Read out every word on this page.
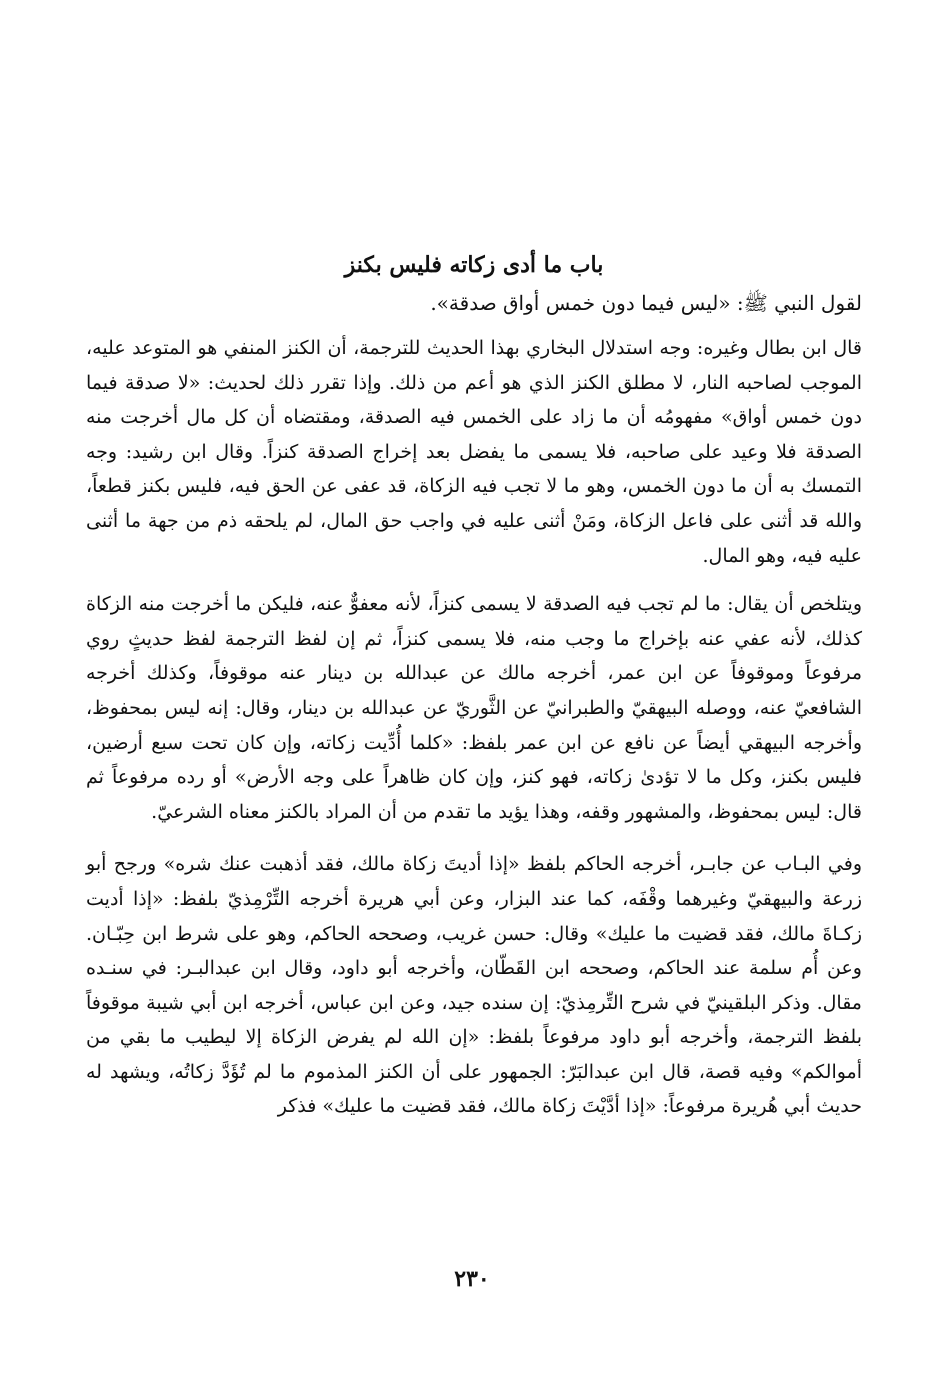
باب ما أدى زكاته فليس بكنز

لقول النبي ﷺ: «ليس فيما دون خمس أواق صدقة».

قال ابن بطال وغيره: وجه استدلال البخاري بهذا الحديث للترجمة، أن الكنز المنفي هو المتوعد عليه، الموجب لصاحبه النار، لا مطلق الكنز الذي هو أعم من ذلك. وإذا تقرر ذلك لحديث: «لا صدقة فيما دون خمس أواق» مفهومُه أن ما زاد على الخمس فيه الصدقة، ومقتضاه أن كل مال أخرجت منه الصدقة فلا وعيد على صاحبه، فلا يسمى ما يفضل بعد إخراج الصدقة كنزاً. وقال ابن رشيد: وجه التمسك به أن ما دون الخمس، وهو ما لا تجب فيه الزكاة، قد عفى عن الحق فيه، فليس بكنز قطعاً، والله قد أثنى على فاعل الزكاة، ومَنْ أثنى عليه في واجب حق المال، لم يلحقه ذم من جهة ما أثنى عليه فيه، وهو المال.

ويتلخص أن يقال: ما لم تجب فيه الصدقة لا يسمى كنزاً، لأنه معفوٌّ عنه، فليكن ما أخرجت منه الزكاة كذلك، لأنه عفي عنه بإخراج ما وجب منه، فلا يسمى كنزاً، ثم إن لفظ الترجمة لفظ حديثٍ روي مرفوعاً وموقوفاً عن ابن عمر، أخرجه مالك عن عبدالله بن دينار عنه موقوفاً، وكذلك أخرجه الشافعيّ عنه، ووصله البيهقيّ والطبرانيّ عن الثَّوريّ عن عبدالله بن دينار، وقال: إنه ليس بمحفوظ، وأخرجه البيهقي أيضاً عن نافع عن ابن عمر بلفظ: «كلما أُدِّيت زكاته، وإن كان تحت سبع أرضين، فليس بكنز، وكل ما لا تؤدىٰ زكاته، فهو كنز، وإن كان ظاهراً على وجه الأرض» أو رده مرفوعاً ثم قال: ليس بمحفوظ، والمشهور وقفه، وهذا يؤيد ما تقدم من أن المراد بالكنز معناه الشرعيّ.

وفي البـاب عن جابـر، أخرجه الحاكم بلفظ «إذا أديتَ زكاة مالك، فقد أذهبت عنك شره» ورجح أبو زرعة والبيهقيّ وغيرهما وقْفَه، كما عند البزار، وعن أبي هريرة أخرجه التِّرْمِذيّ بلفظ: «إذا أديت زكـاةَ مالك، فقد قضيت ما عليك» وقال: حسن غريب، وصححه الحاكم، وهو على شرط ابن حِبّـان. وعن أُم سلمة عند الحاكم، وصححه ابن القَطّان، وأخرجه أبو داود، وقال ابن عبدالبـر: في سنـده مقال. وذكر البلقينيّ في شرح التِّرمِذيّ: إن سنده جيد، وعن ابن عباس، أخرجه ابن أبي شيبة موقوفاً بلفظ الترجمة، وأخرجه أبو داود مرفوعاً بلفظ: «إن الله لم يفرض الزكاة إلا ليطيب ما بقي من أموالكم» وفيه قصة، قال ابن عبدالبَرّ: الجمهور على أن الكنز المذموم ما لم تُؤَدَّ زكاتُه، ويشهد له حديث أبي هُريرة مرفوعاً: «إذا أدَّيْتَ زكاة مالك، فقد قضيت ما عليك» فذكر

٢٣٠
